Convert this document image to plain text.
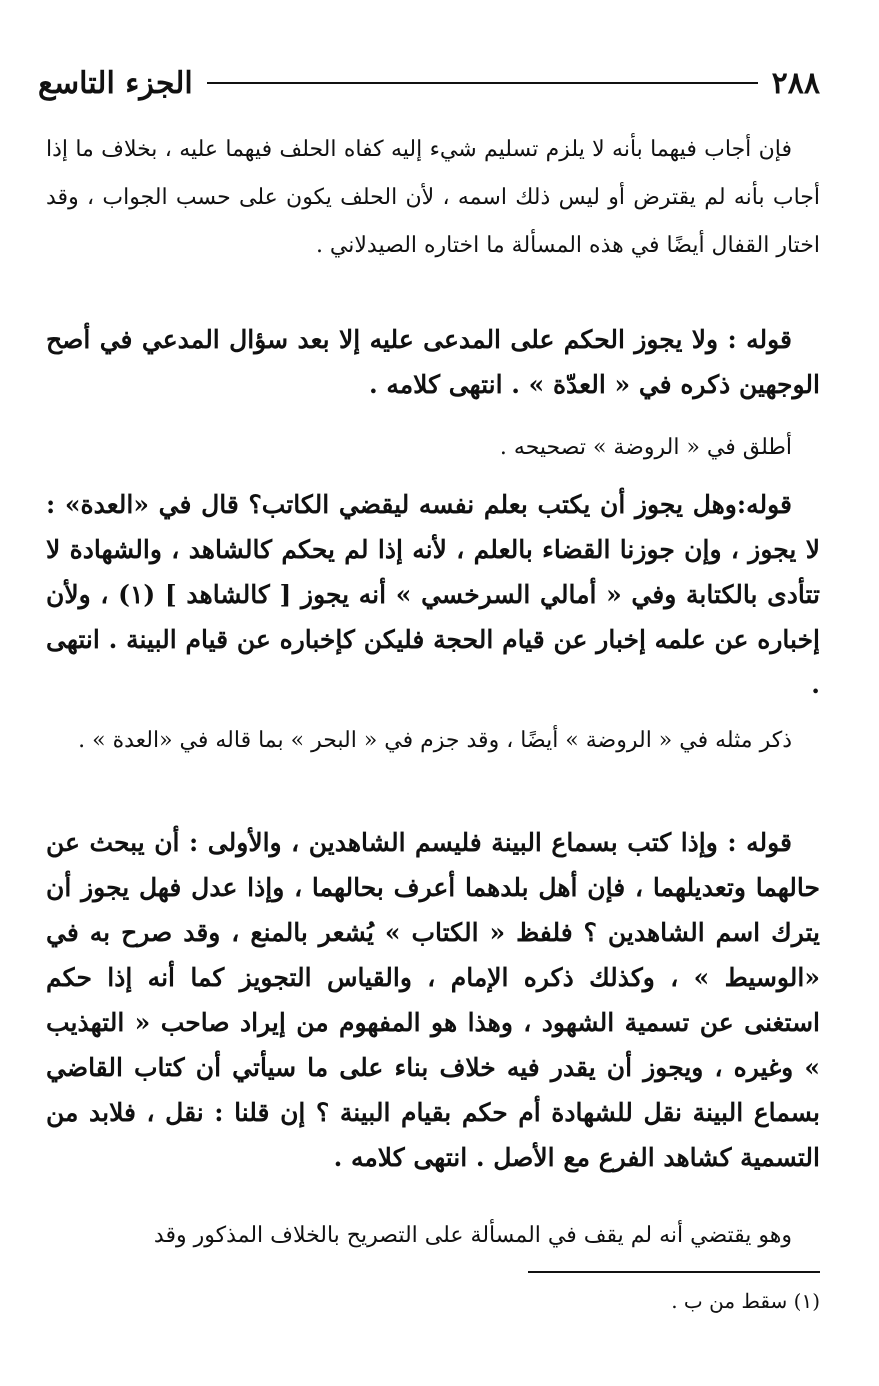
٢٨٨
الجزء التاسع

فإن أجاب فيهما بأنه لا يلزم تسليم شيء إليه كفاه الحلف فيهما عليه ، بخلاف ما إذا أجاب بأنه لم يقترض أو ليس ذلك اسمه ، لأن الحلف يكون على حسب الجواب ، وقد اختار القفال أيضًا في هذه المسألة ما اختاره الصيدلاني .

قوله : ولا يجوز الحكم على المدعى عليه إلا بعد سؤال المدعي في أصح الوجهين ذكره في « العدّة » . انتهى كلامه .

أطلق في « الروضة » تصحيحه .

قوله:وهل يجوز أن يكتب بعلم نفسه ليقضي الكاتب؟ قال في «العدة» : لا يجوز ، وإن جوزنا القضاء بالعلم ، لأنه إذا لم يحكم كالشاهد ، والشهادة لا تتأدى بالكتابة وفي « أمالي السرخسي » أنه يجوز [ كالشاهد ] (١) ، ولأن إخباره عن علمه إخبار عن قيام الحجة فليكن كإخباره عن قيام البينة . انتهى .

ذكر مثله في « الروضة » أيضًا ، وقد جزم في « البحر » بما قاله في «العدة » .

قوله : وإذا كتب بسماع البينة فليسم الشاهدين ، والأولى : أن يبحث عن حالهما وتعديلهما ، فإن أهل بلدهما أعرف بحالهما ، وإذا عدل فهل يجوز أن يترك اسم الشاهدين ؟ فلفظ « الكتاب » يُشعر بالمنع ، وقد صرح به في «الوسيط » ، وكذلك ذكره الإمام ، والقياس التجويز كما أنه إذا حكم استغنى عن تسمية الشهود ، وهذا هو المفهوم من إيراد صاحب « التهذيب » وغيره ، ويجوز أن يقدر فيه خلاف بناء على ما سيأتي أن كتاب القاضي بسماع البينة نقل للشهادة أم حكم بقيام البينة ؟ إن قلنا : نقل ، فلابد من التسمية كشاهد الفرع مع الأصل . انتهى كلامه .

وهو يقتضي أنه لم يقف في المسألة على التصريح بالخلاف المذكور وقد

(١) سقط من ب .
